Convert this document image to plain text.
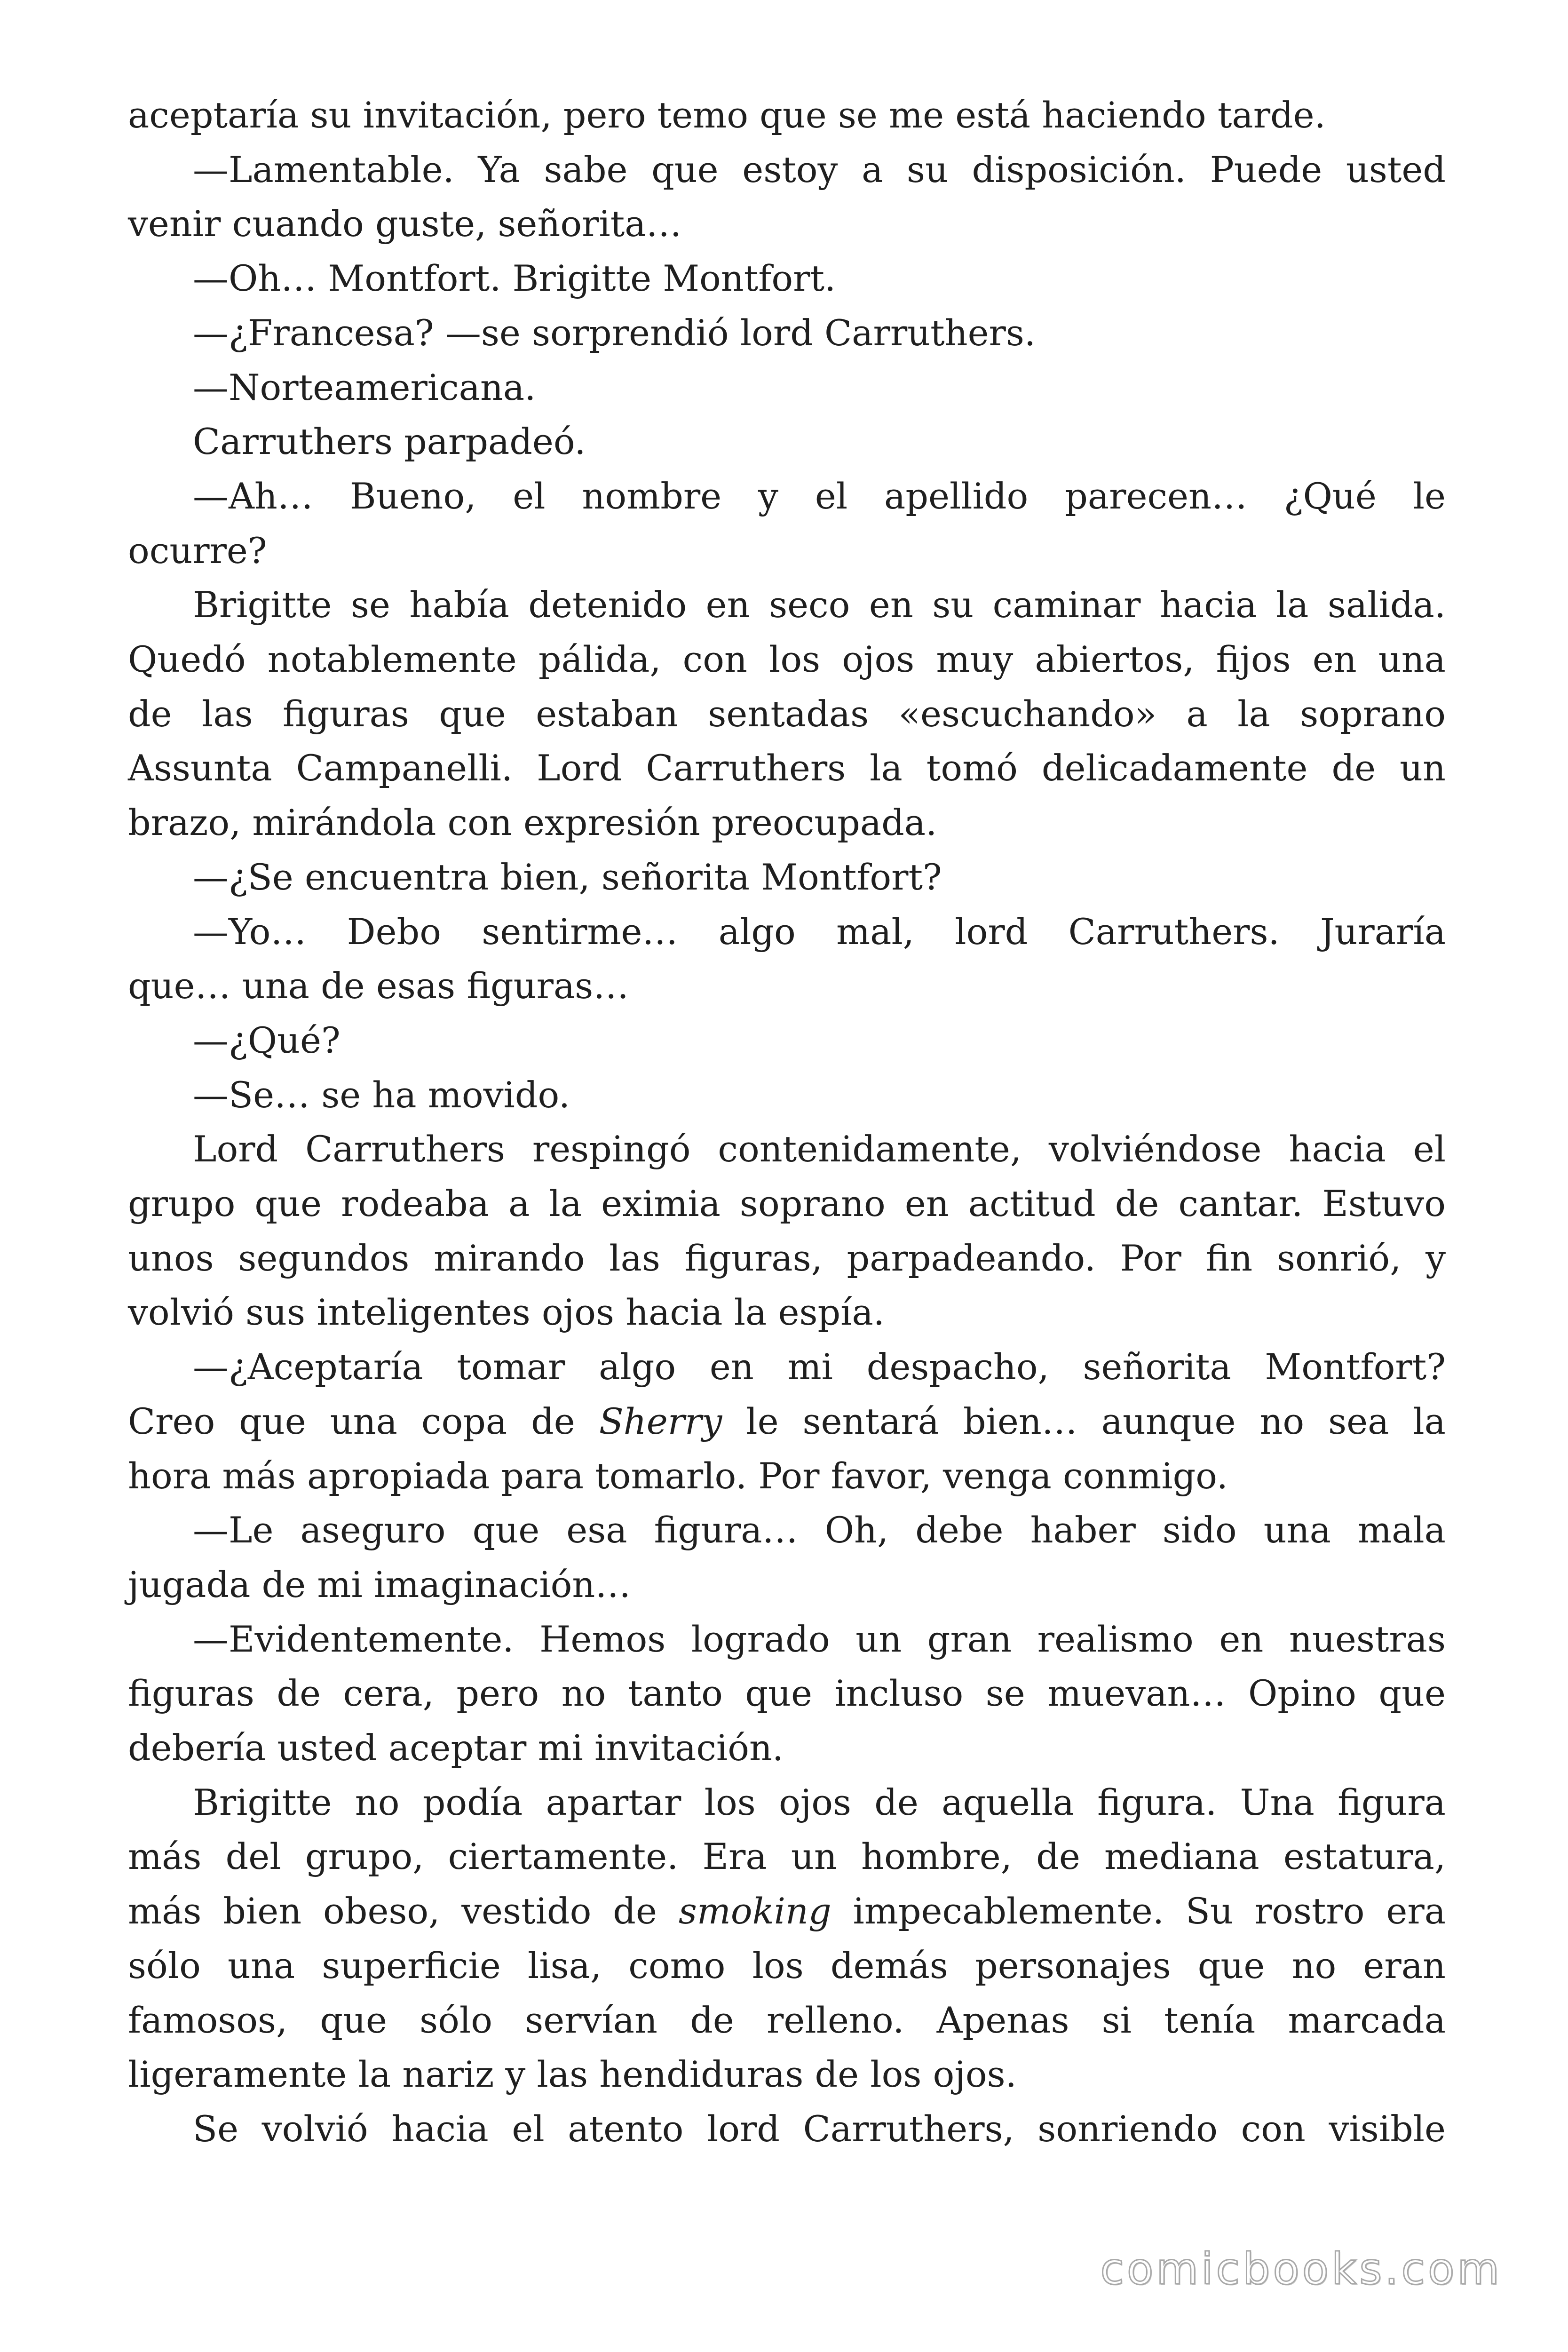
aceptaría su invitación, pero temo que se me está haciendo tarde.
—Lamentable. Ya sabe que estoy a su disposición. Puede usted
venir cuando guste, señorita…
—Oh… Montfort. Brigitte Montfort.
—¿Francesa? —se sorprendió lord Carruthers.
—Norteamericana.
Carruthers parpadeó.
—Ah… Bueno, el nombre y el apellido parecen… ¿Qué le
ocurre?
Brigitte se había detenido en seco en su caminar hacia la salida.
Quedó notablemente pálida, con los ojos muy abiertos, fijos en una
de las figuras que estaban sentadas «escuchando» a la soprano
Assunta Campanelli. Lord Carruthers la tomó delicadamente de un
brazo, mirándola con expresión preocupada.
—¿Se encuentra bien, señorita Montfort?
—Yo… Debo sentirme… algo mal, lord Carruthers. Juraría
que… una de esas figuras…
—¿Qué?
—Se… se ha movido.
Lord Carruthers respingó contenidamente, volviéndose hacia el
grupo que rodeaba a la eximia soprano en actitud de cantar. Estuvo
unos segundos mirando las figuras, parpadeando. Por fin sonrió, y
volvió sus inteligentes ojos hacia la espía.
—¿Aceptaría tomar algo en mi despacho, señorita Montfort?
Creo que una copa de Sherry le sentará bien… aunque no sea la
hora más apropiada para tomarlo. Por favor, venga conmigo.
—Le aseguro que esa figura… Oh, debe haber sido una mala
jugada de mi imaginación…
—Evidentemente. Hemos logrado un gran realismo en nuestras
figuras de cera, pero no tanto que incluso se muevan… Opino que
debería usted aceptar mi invitación.
Brigitte no podía apartar los ojos de aquella figura. Una figura
más del grupo, ciertamente. Era un hombre, de mediana estatura,
más bien obeso, vestido de smoking impecablemente. Su rostro era
sólo una superficie lisa, como los demás personajes que no eran
famosos, que sólo servían de relleno. Apenas si tenía marcada
ligeramente la nariz y las hendiduras de los ojos.
Se volvió hacia el atento lord Carruthers, sonriendo con visible
comicbooks.com
